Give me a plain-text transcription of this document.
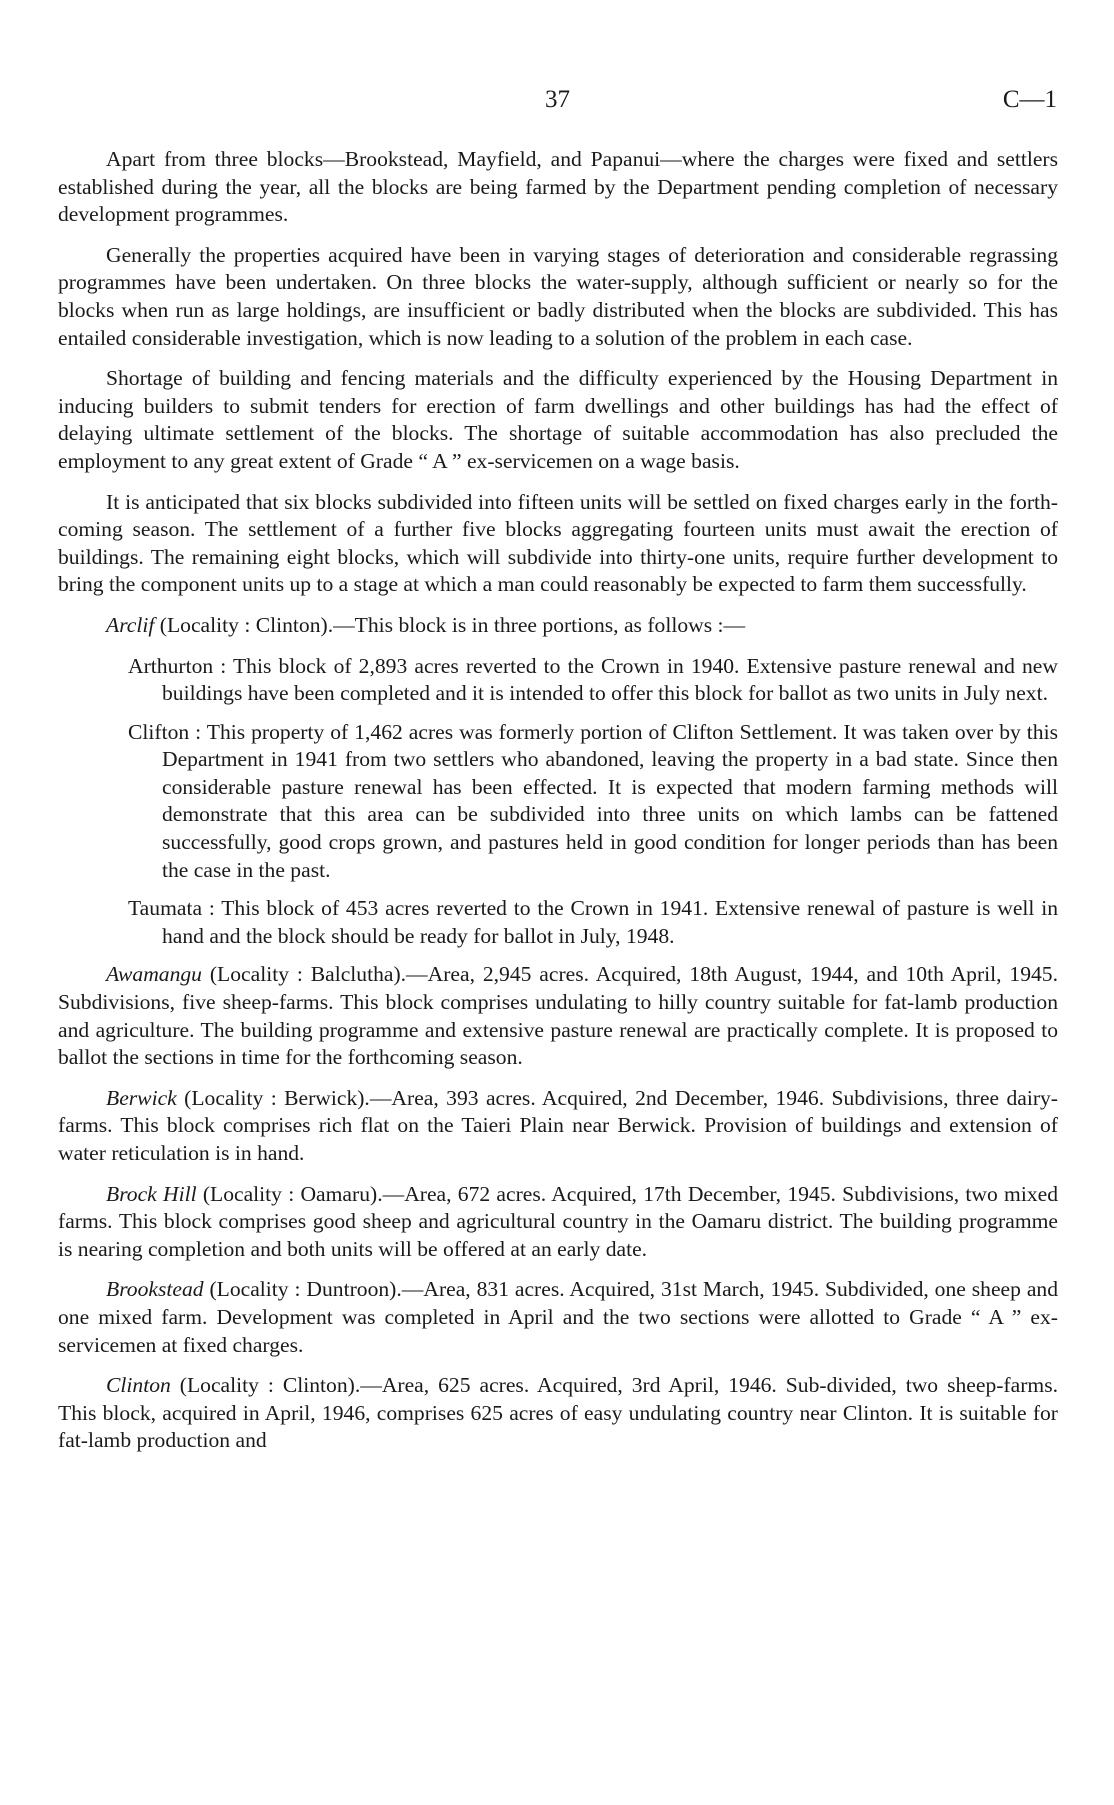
37	C—1

Apart from three blocks—Brookstead, Mayfield, and Papanui—where the charges were fixed and settlers established during the year, all the blocks are being farmed by the Department pending completion of necessary development programmes.

Generally the properties acquired have been in varying stages of deterioration and considerable regrassing programmes have been undertaken. On three blocks the water-supply, although sufficient or nearly so for the blocks when run as large holdings, are insufficient or badly distributed when the blocks are subdivided. This has entailed considerable investigation, which is now leading to a solution of the problem in each case.

Shortage of building and fencing materials and the difficulty experienced by the Housing Department in inducing builders to submit tenders for erection of farm dwellings and other buildings has had the effect of delaying ultimate settlement of the blocks. The shortage of suitable accommodation has also precluded the employment to any great extent of Grade “ A ” ex-servicemen on a wage basis.

It is anticipated that six blocks subdivided into fifteen units will be settled on fixed charges early in the forth-coming season. The settlement of a further five blocks aggregating fourteen units must await the erection of buildings. The remaining eight blocks, which will subdivide into thirty-one units, require further development to bring the component units up to a stage at which a man could reasonably be expected to farm them successfully.

Arclif (Locality : Clinton).—This block is in three portions, as follows :—

Arthurton : This block of 2,893 acres reverted to the Crown in 1940. Extensive pasture renewal and new buildings have been completed and it is intended to offer this block for ballot as two units in July next.

Clifton : This property of 1,462 acres was formerly portion of Clifton Settlement. It was taken over by this Department in 1941 from two settlers who abandoned, leaving the property in a bad state. Since then considerable pasture renewal has been effected. It is expected that modern farming methods will demonstrate that this area can be subdivided into three units on which lambs can be fattened successfully, good crops grown, and pastures held in good condition for longer periods than has been the case in the past.

Taumata : This block of 453 acres reverted to the Crown in 1941. Extensive renewal of pasture is well in hand and the block should be ready for ballot in July, 1948.

Awamangu (Locality : Balclutha).—Area, 2,945 acres. Acquired, 18th August, 1944, and 10th April, 1945. Subdivisions, five sheep-farms. This block comprises undulating to hilly country suitable for fat-lamb production and agriculture. The building programme and extensive pasture renewal are practically complete. It is proposed to ballot the sections in time for the forthcoming season.

Berwick (Locality : Berwick).—Area, 393 acres. Acquired, 2nd December, 1946. Subdivisions, three dairy-farms. This block comprises rich flat on the Taieri Plain near Berwick. Provision of buildings and extension of water reticulation is in hand.

Brock Hill (Locality : Oamaru).—Area, 672 acres. Acquired, 17th December, 1945. Subdivisions, two mixed farms. This block comprises good sheep and agricultural country in the Oamaru district. The building programme is nearing completion and both units will be offered at an early date.

Brookstead (Locality : Duntroon).—Area, 831 acres. Acquired, 31st March, 1945. Subdivided, one sheep and one mixed farm. Development was completed in April and the two sections were allotted to Grade “ A ” ex-servicemen at fixed charges.

Clinton (Locality : Clinton).—Area, 625 acres. Acquired, 3rd April, 1946. Sub-divided, two sheep-farms. This block, acquired in April, 1946, comprises 625 acres of easy undulating country near Clinton. It is suitable for fat-lamb production and
